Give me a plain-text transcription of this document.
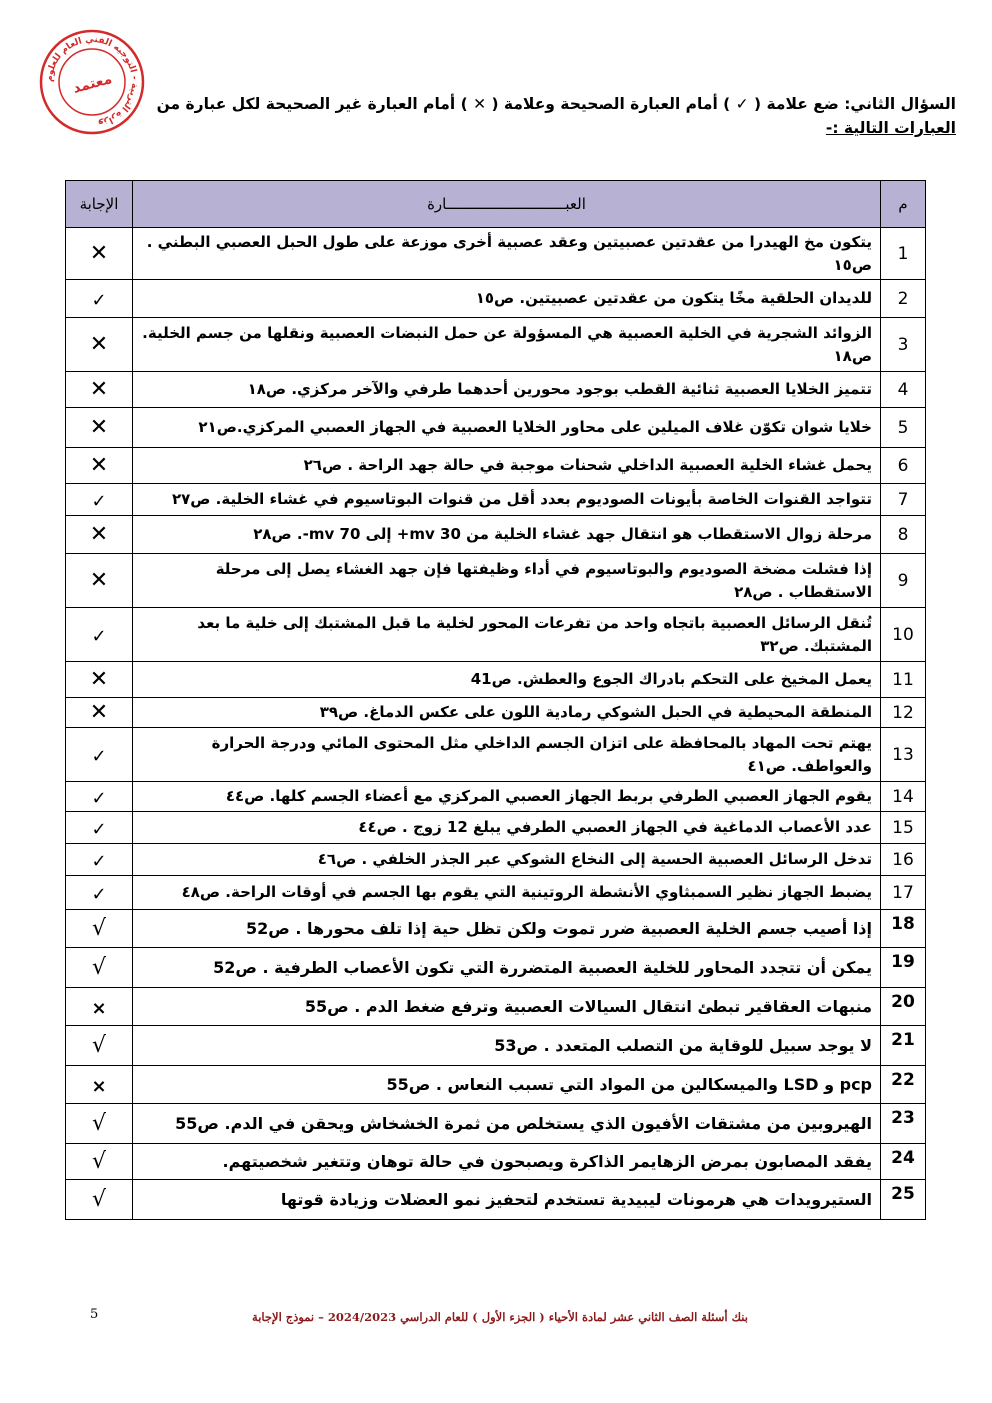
وزارة التربية - التوجيه الفني العام للعلوم
معتمد
السؤال الثاني: ضع علامة ( ✓ ) أمام العبارة الصحيحة وعلامة ( ✕ ) أمام العبارة غير الصحيحة لكل عبارة من
العبارات التالية :-
م	العبـــــــــــــــــــــــــــارة	الإجابة
1	يتكون مخ الهيدرا من عقدتين عصبيتين وعقد عصبية أخرى موزعة على طول الحبل العصبي البطني . ص١٥	✕
2	للديدان الحلقية مخًا يتكون من عقدتين عصبيتين. ص١٥	✓
3	الزوائد الشجرية في الخلية العصبية هي المسؤولة عن حمل النبضات العصبية ونقلها من جسم الخلية. ص١٨	✕
4	تتميز الخلايا العصبية ثنائية القطب بوجود محورين أحدهما طرفي والآخر مركزي. ص١٨	✕
5	خلايا شوان تكوّن غلاف الميلين على محاور الخلايا العصبية في الجهاز العصبي المركزي.ص٢١	✕
6	يحمل غشاء الخلية العصبية الداخلي شحنات موجبة في حالة جهد الراحة . ص٢٦	✕
7	تتواجد القنوات الخاصة بأيونات الصوديوم بعدد أقل من قنوات البوتاسيوم في غشاء الخلية. ص٢٧	✓
8	مرحلة زوال الاستقطاب هو انتقال جهد غشاء الخلية من 30 mv+ إلى 70 mv-. ص٢٨	✕
9	إذا فشلت مضخة الصوديوم والبوتاسيوم في أداء وظيفتها فإن جهد الغشاء يصل إلى مرحلة الاستقطاب . ص٢٨	✕
10	تُنقل الرسائل العصبية باتجاه واحد من تفرعات المحور لخلية ما قبل المشتبك إلى خلية ما بعد المشتبك. ص٣٢	✓
11	يعمل المخيخ على التحكم بادراك الجوع والعطش. ص41	✕
12	المنطقة المحيطية في الحبل الشوكي رمادية اللون على عكس الدماغ. ص٣٩	✕
13	يهتم تحت المهاد بالمحافظة على اتزان الجسم الداخلي مثل المحتوى المائي ودرجة الحرارة والعواطف. ص٤١	✓
14	يقوم الجهاز العصبي الطرفي بربط الجهاز العصبي المركزي مع أعضاء الجسم كلها. ص٤٤	✓
15	عدد الأعصاب الدماغية في الجهاز العصبي الطرفي يبلغ 12 زوج . ص٤٤	✓
16	تدخل الرسائل العصبية الحسية إلى النخاع الشوكي عبر الجذر الخلفي . ص٤٦	✓
17	يضبط الجهاز نظير السمبثاوي الأنشطة الروتينية التي يقوم بها الجسم في أوقات الراحة. ص٤٨	✓
18	إذا أصيب جسم الخلية العصبية ضرر تموت ولكن تظل حية إذا تلف محورها . ص52	√
19	يمكن أن تتجدد المحاور للخلية العصبية المتضررة التي تكون الأعصاب الطرفية . ص52	√
20	منبهات العقاقير تبطئ انتقال السيالات العصبية وترفع ضغط الدم . ص55	×
21	لا يوجد سبيل للوقاية من التصلب المتعدد . ص53	√
22	pcp و LSD والميسكالين من المواد التي تسبب النعاس . ص55	×
23	الهيروبين من مشتقات الأفيون الذي يستخلص من ثمرة الخشخاش ويحقن في الدم. ص55	√
24	يفقد المصابون بمرض الزهايمر الذاكرة ويصبحون في حالة توهان وتتغير شخصيتهم.	√
25	الستيرويدات هي هرمونات ليبيدية تستخدم لتحفيز نمو العضلات وزيادة قوتها	√
بنك أسئلة الصف الثاني عشر لمادة الأحياء ( الجزء الأول ) للعام الدراسي 2024/2023 – نموذج الإجابة
5
